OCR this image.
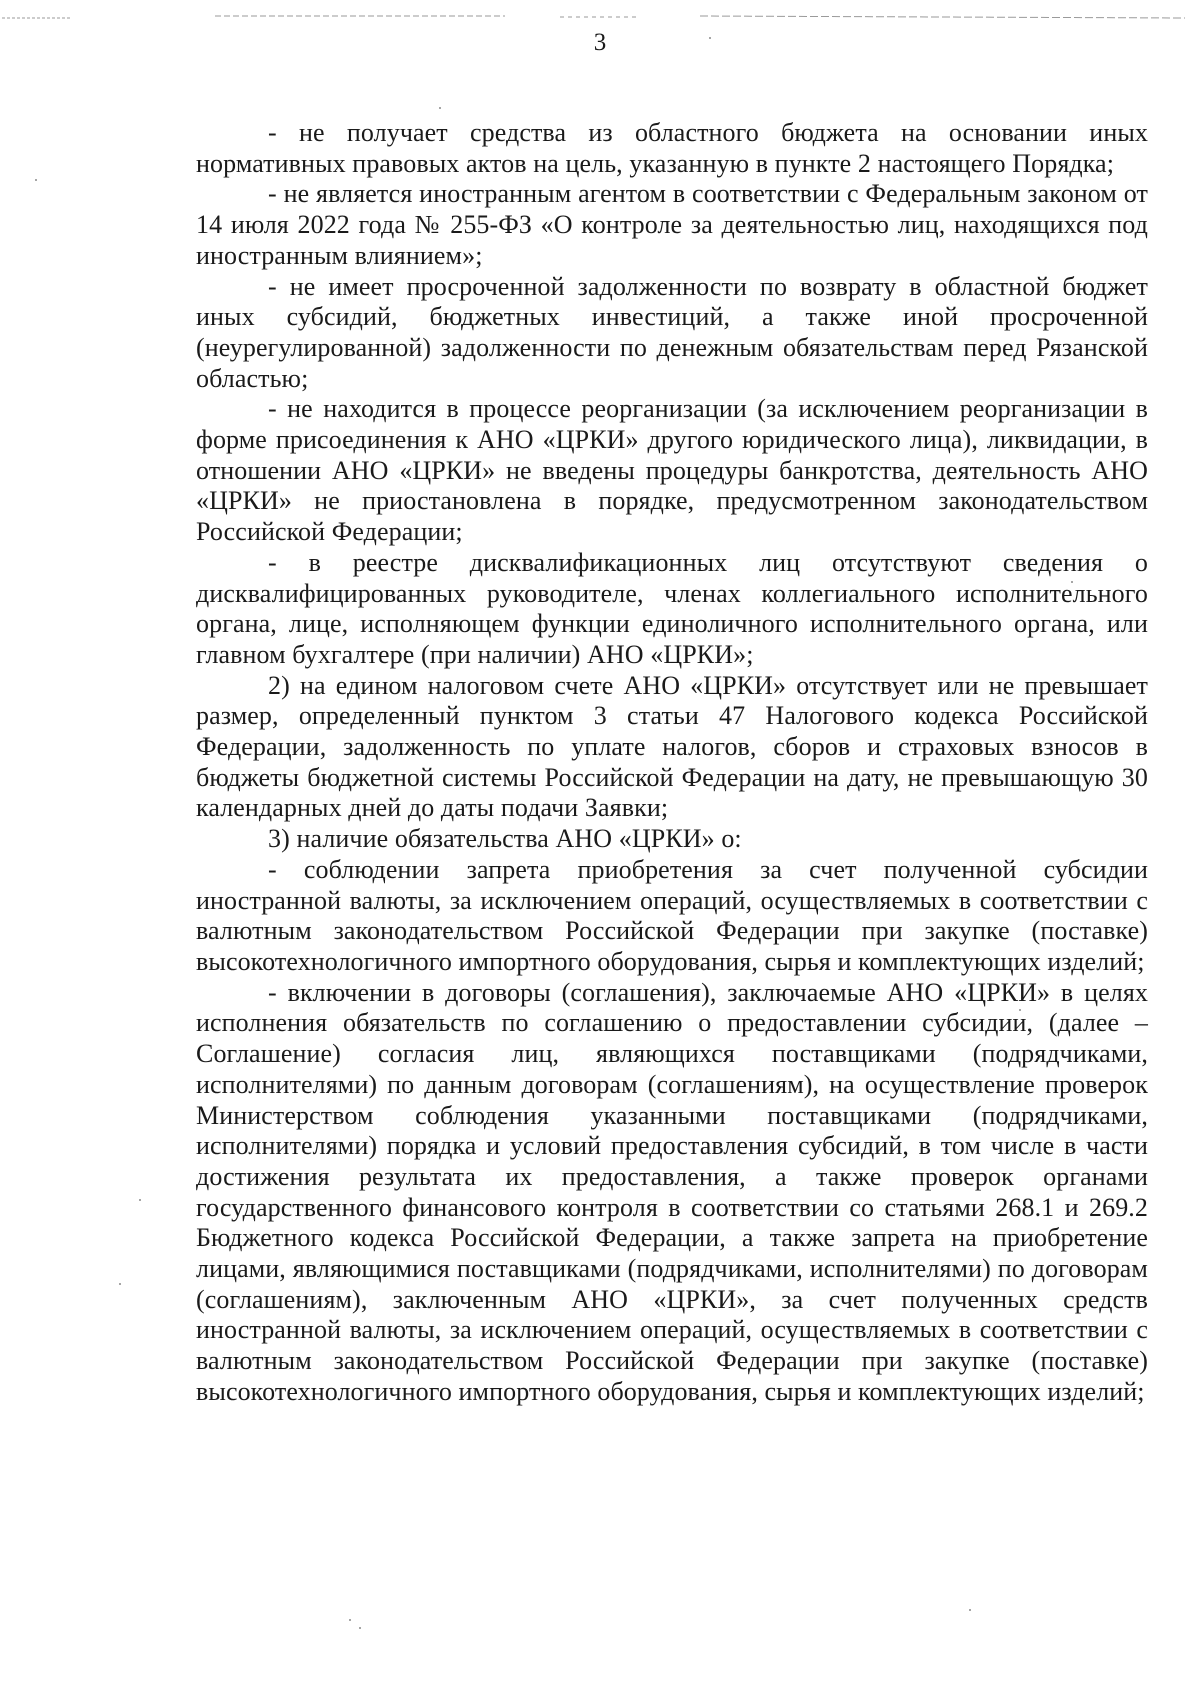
3

- не получает средства из областного бюджета на основании иных нормативных правовых актов на цель, указанную в пункте 2 настоящего Порядка;

- не является иностранным агентом в соответствии с Федеральным законом от 14 июля 2022 года № 255-ФЗ «О контроле за деятельностью лиц, находящихся под иностранным влиянием»;

- не имеет просроченной задолженности по возврату в областной бюджет иных субсидий, бюджетных инвестиций, а также иной просроченной (неурегулированной) задолженности по денежным обязательствам перед Рязанской областью;

- не находится в процессе реорганизации (за исключением реорганизации в форме присоединения к АНО «ЦРКИ» другого юридического лица), ликвидации, в отношении АНО «ЦРКИ» не введены процедуры банкротства, деятельность АНО «ЦРКИ» не приостановлена в порядке, предусмотренном законодательством Российской Федерации;

- в реестре дисквалификационных лиц отсутствуют сведения о дисквалифицированных руководителе, членах коллегиального исполнительного органа, лице, исполняющем функции единоличного исполнительного органа, или главном бухгалтере (при наличии) АНО «ЦРКИ»;

2) на едином налоговом счете АНО «ЦРКИ» отсутствует или не превышает размер, определенный пунктом 3 статьи 47 Налогового кодекса Российской Федерации, задолженность по уплате налогов, сборов и страховых взносов в бюджеты бюджетной системы Российской Федерации на дату, не превышающую 30 календарных дней до даты подачи Заявки;

3) наличие обязательства АНО «ЦРКИ» о:

- соблюдении запрета приобретения за счет полученной субсидии иностранной валюты, за исключением операций, осуществляемых в соответствии с валютным законодательством Российской Федерации при закупке (поставке) высокотехнологичного импортного оборудования, сырья и комплектующих изделий;

- включении в договоры (соглашения), заключаемые АНО «ЦРКИ» в целях исполнения обязательств по соглашению о предоставлении субсидии, (далее – Соглашение) согласия лиц, являющихся поставщиками (подрядчиками, исполнителями) по данным договорам (соглашениям), на осуществление проверок Министерством соблюдения указанными поставщиками (подрядчиками, исполнителями) порядка и условий предоставления субсидий, в том числе в части достижения результата их предоставления, а также проверок органами государственного финансового контроля в соответствии со статьями 268.1 и 269.2 Бюджетного кодекса Российской Федерации, а также запрета на приобретение лицами, являющимися поставщиками (подрядчиками, исполнителями) по договорам (соглашениям), заключенным АНО «ЦРКИ», за счет полученных средств иностранной валюты, за исключением операций, осуществляемых в соответствии с валютным законодательством Российской Федерации при закупке (поставке) высокотехнологичного импортного оборудования, сырья и комплектующих изделий;
